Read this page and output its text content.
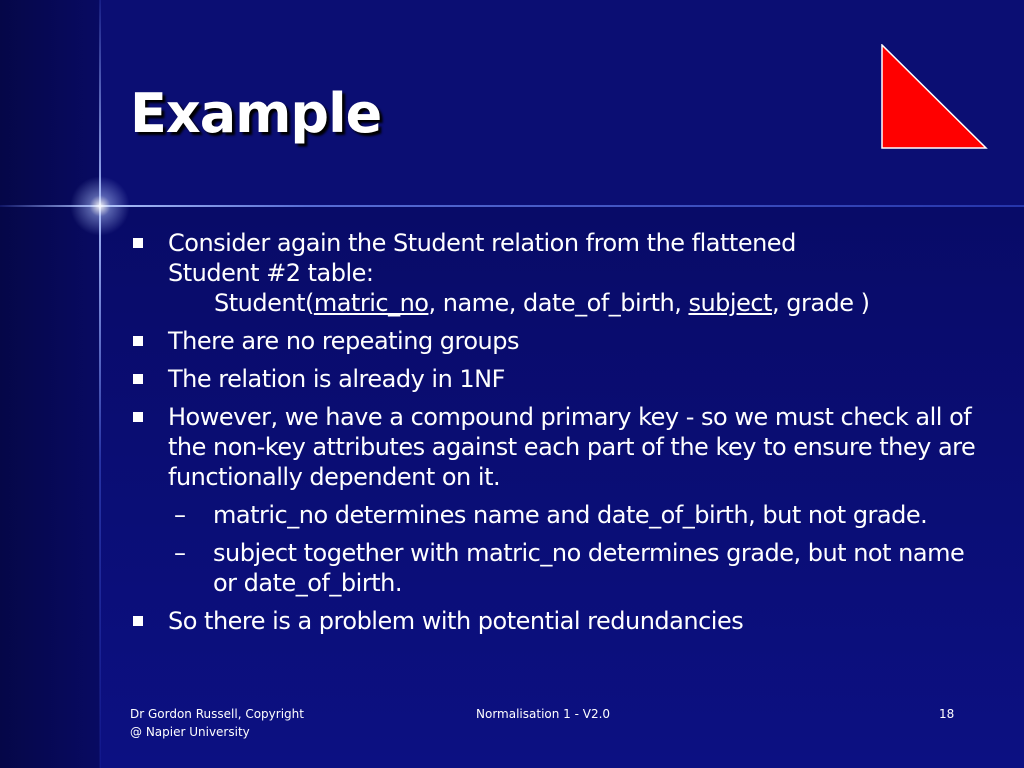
Example
Consider again the Student relation from the flattened
Student #2 table:
Student(matric_no, name, date_of_birth, subject, grade )
There are no repeating groups
The relation is already in 1NF
However, we have a compound primary key - so we must check all of the non-key attributes against each part of the key to ensure they are functionally dependent on it.
– matric_no determines name and date_of_birth, but not grade.
– subject together with matric_no determines grade, but not name or date_of_birth.
So there is a problem with potential redundancies
Dr Gordon Russell, Copyright
@ Napier University
Normalisation 1 - V2.0	18
